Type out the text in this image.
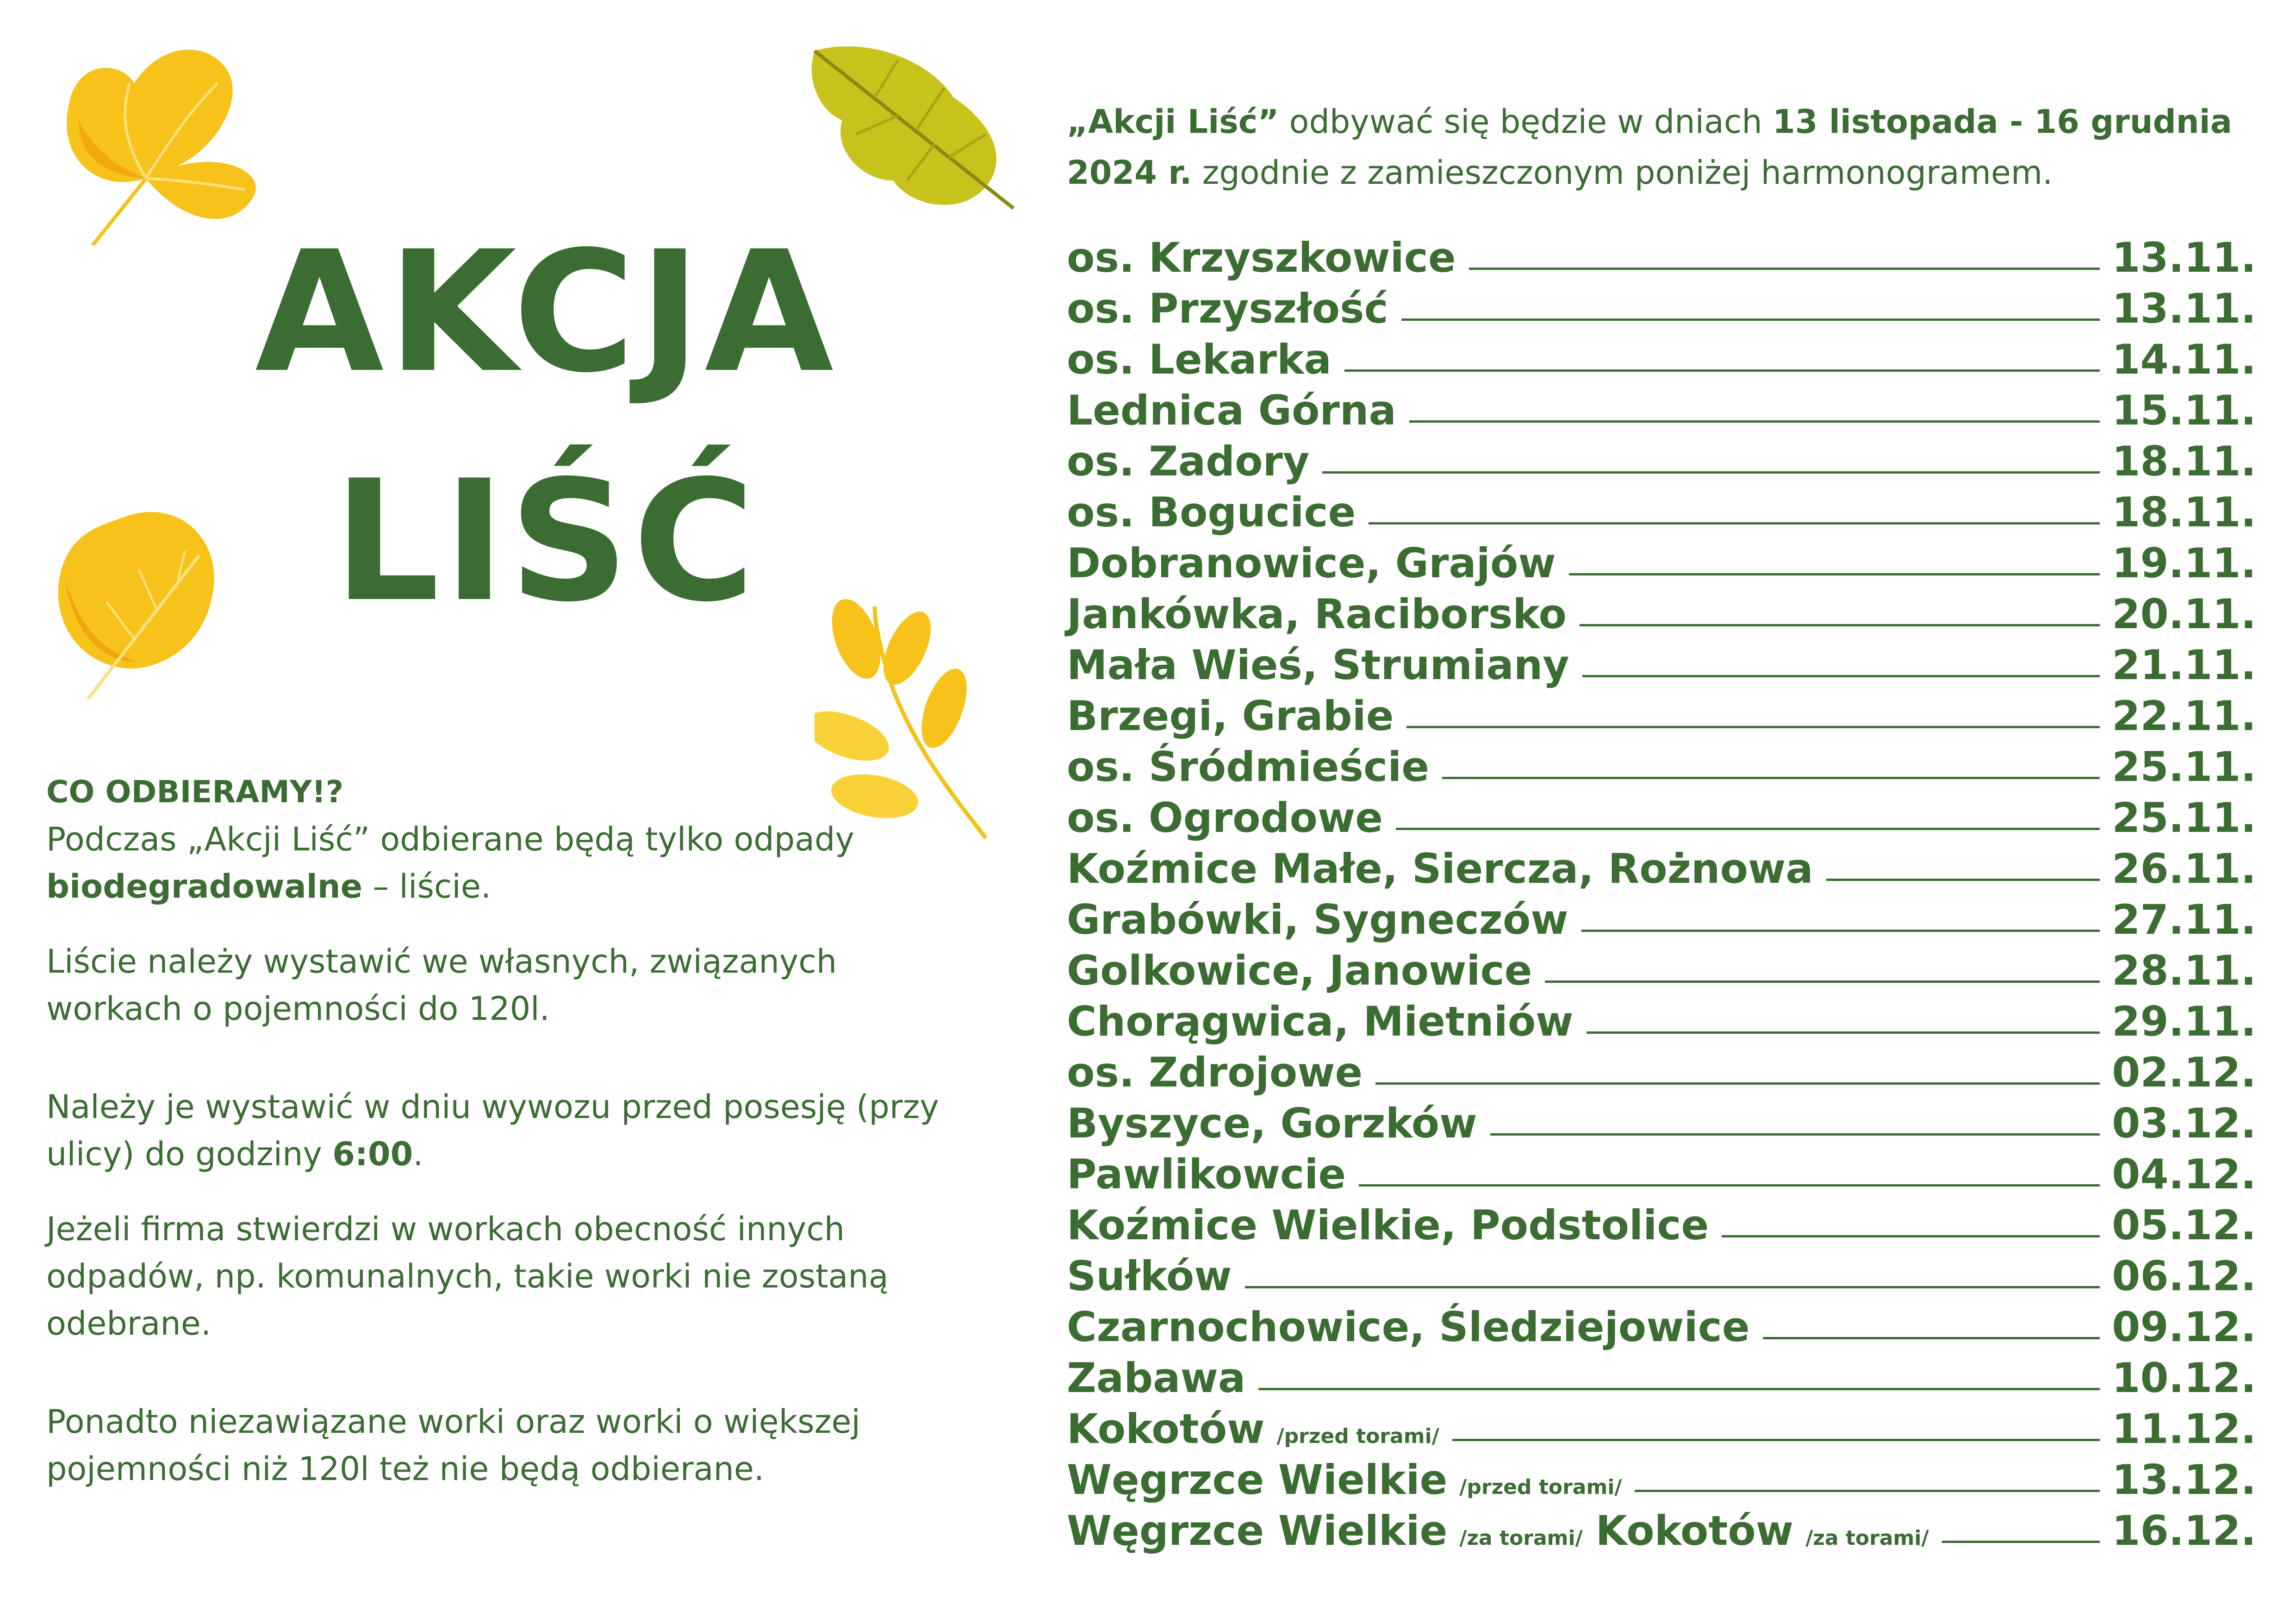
AKCJA
LIŚĆ
„Akcji Liść” odbywać się będzie w dniach 13 listopada - 16 grudnia 2024 r. zgodnie z zamieszczonym poniżej harmonogramem.

CO ODBIERAMY!?

Podczas „Akcji Liść” odbierane będą tylko odpady biodegradowalne – liście.

Liście należy wystawić we własnych, związanych workach o pojemności do 120l.

Należy je wystawić w dniu wywozu przed posesję (przy ulicy) do godziny 6:00.

Jeżeli firma stwierdzi w workach obecność innych odpadów, np. komunalnych, takie worki nie zostaną odebrane.

Ponadto niezawiązane worki oraz worki o większej pojemności niż 120l też nie będą odbierane.

os. Krzyszkowice	13.11.
os. Przyszłość	13.11.
os. Lekarka	14.11.
Lednica Górna	15.11.
os. Zadory	18.11.
os. Bogucice	18.11.
Dobranowice, Grajów	19.11.
Jankówka, Raciborsko	20.11.
Mała Wieś, Strumiany	21.11.
Brzegi, Grabie	22.11.
os. Śródmieście	25.11.
os. Ogrodowe	25.11.
Koźmice Małe, Siercza, Rożnowa	26.11.
Grabówki, Sygneczów	27.11.
Golkowice, Janowice	28.11.
Chorągwica, Mietniów	29.11.
os. Zdrojowe	02.12.
Byszyce, Gorzków	03.12.
Pawlikowcie	04.12.
Koźmice Wielkie, Podstolice	05.12.
Sułków	06.12.
Czarnochowice, Śledziejowice	09.12.
Zabawa	10.12.
Kokotów /przed torami/	11.12.
Węgrzce Wielkie /przed torami/	13.12.
Węgrzce Wielkie /za torami/ Kokotów /za torami/	16.12.
